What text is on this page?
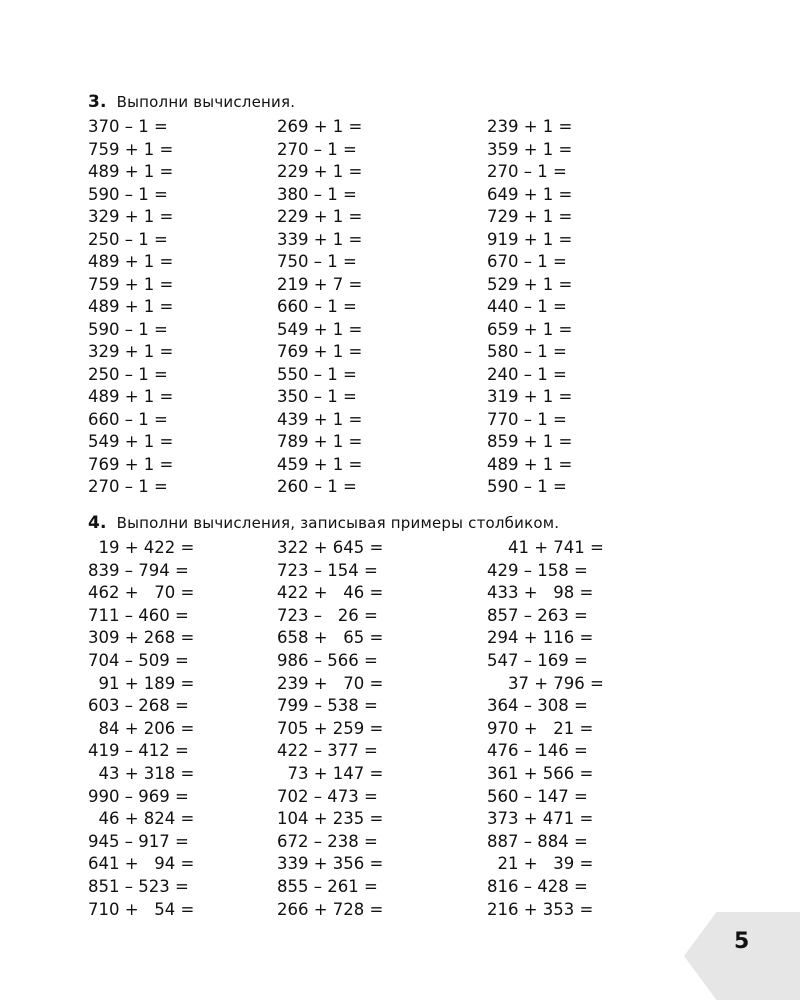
3. Выполни вычисления.
370 – 1 =	269 + 1 =	239 + 1 =
759 + 1 =	270 – 1 =	359 + 1 =
489 + 1 =	229 + 1 =	270 – 1 =
590 – 1 =	380 – 1 =	649 + 1 =
329 + 1 =	229 + 1 =	729 + 1 =
250 – 1 =	339 + 1 =	919 + 1 =
489 + 1 =	750 – 1 =	670 – 1 =
759 + 1 =	219 + 7 =	529 + 1 =
489 + 1 =	660 – 1 =	440 – 1 =
590 – 1 =	549 + 1 =	659 + 1 =
329 + 1 =	769 + 1 =	580 – 1 =
250 – 1 =	550 – 1 =	240 – 1 =
489 + 1 =	350 – 1 =	319 + 1 =
660 – 1 =	439 + 1 =	770 – 1 =
549 + 1 =	789 + 1 =	859 + 1 =
769 + 1 =	459 + 1 =	489 + 1 =
270 – 1 =	260 – 1 =	590 – 1 =
4. Выполни вычисления, записывая примеры столбиком.
19 + 422 =	322 + 645 =	41 + 741 =
839 – 794 =	723 – 154 =	429 – 158 =
462 +   70 =	422 +   46 =	433 +   98 =
711 – 460 =	723 –   26 =	857 – 263 =
309 + 268 =	658 +   65 =	294 + 116 =
704 – 509 =	986 – 566 =	547 – 169 =
91 + 189 =	239 +   70 =	37 + 796 =
603 – 268 =	799 – 538 =	364 – 308 =
84 + 206 =	705 + 259 =	970 +   21 =
419 – 412 =	422 – 377 =	476 – 146 =
43 + 318 =	73 + 147 =	361 + 566 =
990 – 969 =	702 – 473 =	560 – 147 =
46 + 824 =	104 + 235 =	373 + 471 =
945 – 917 =	672 – 238 =	887 – 884 =
641 +   94 =	339 + 356 =	21 +   39 =
851 – 523 =	855 – 261 =	816 – 428 =
710 +   54 =	266 + 728 =	216 + 353 =
5
